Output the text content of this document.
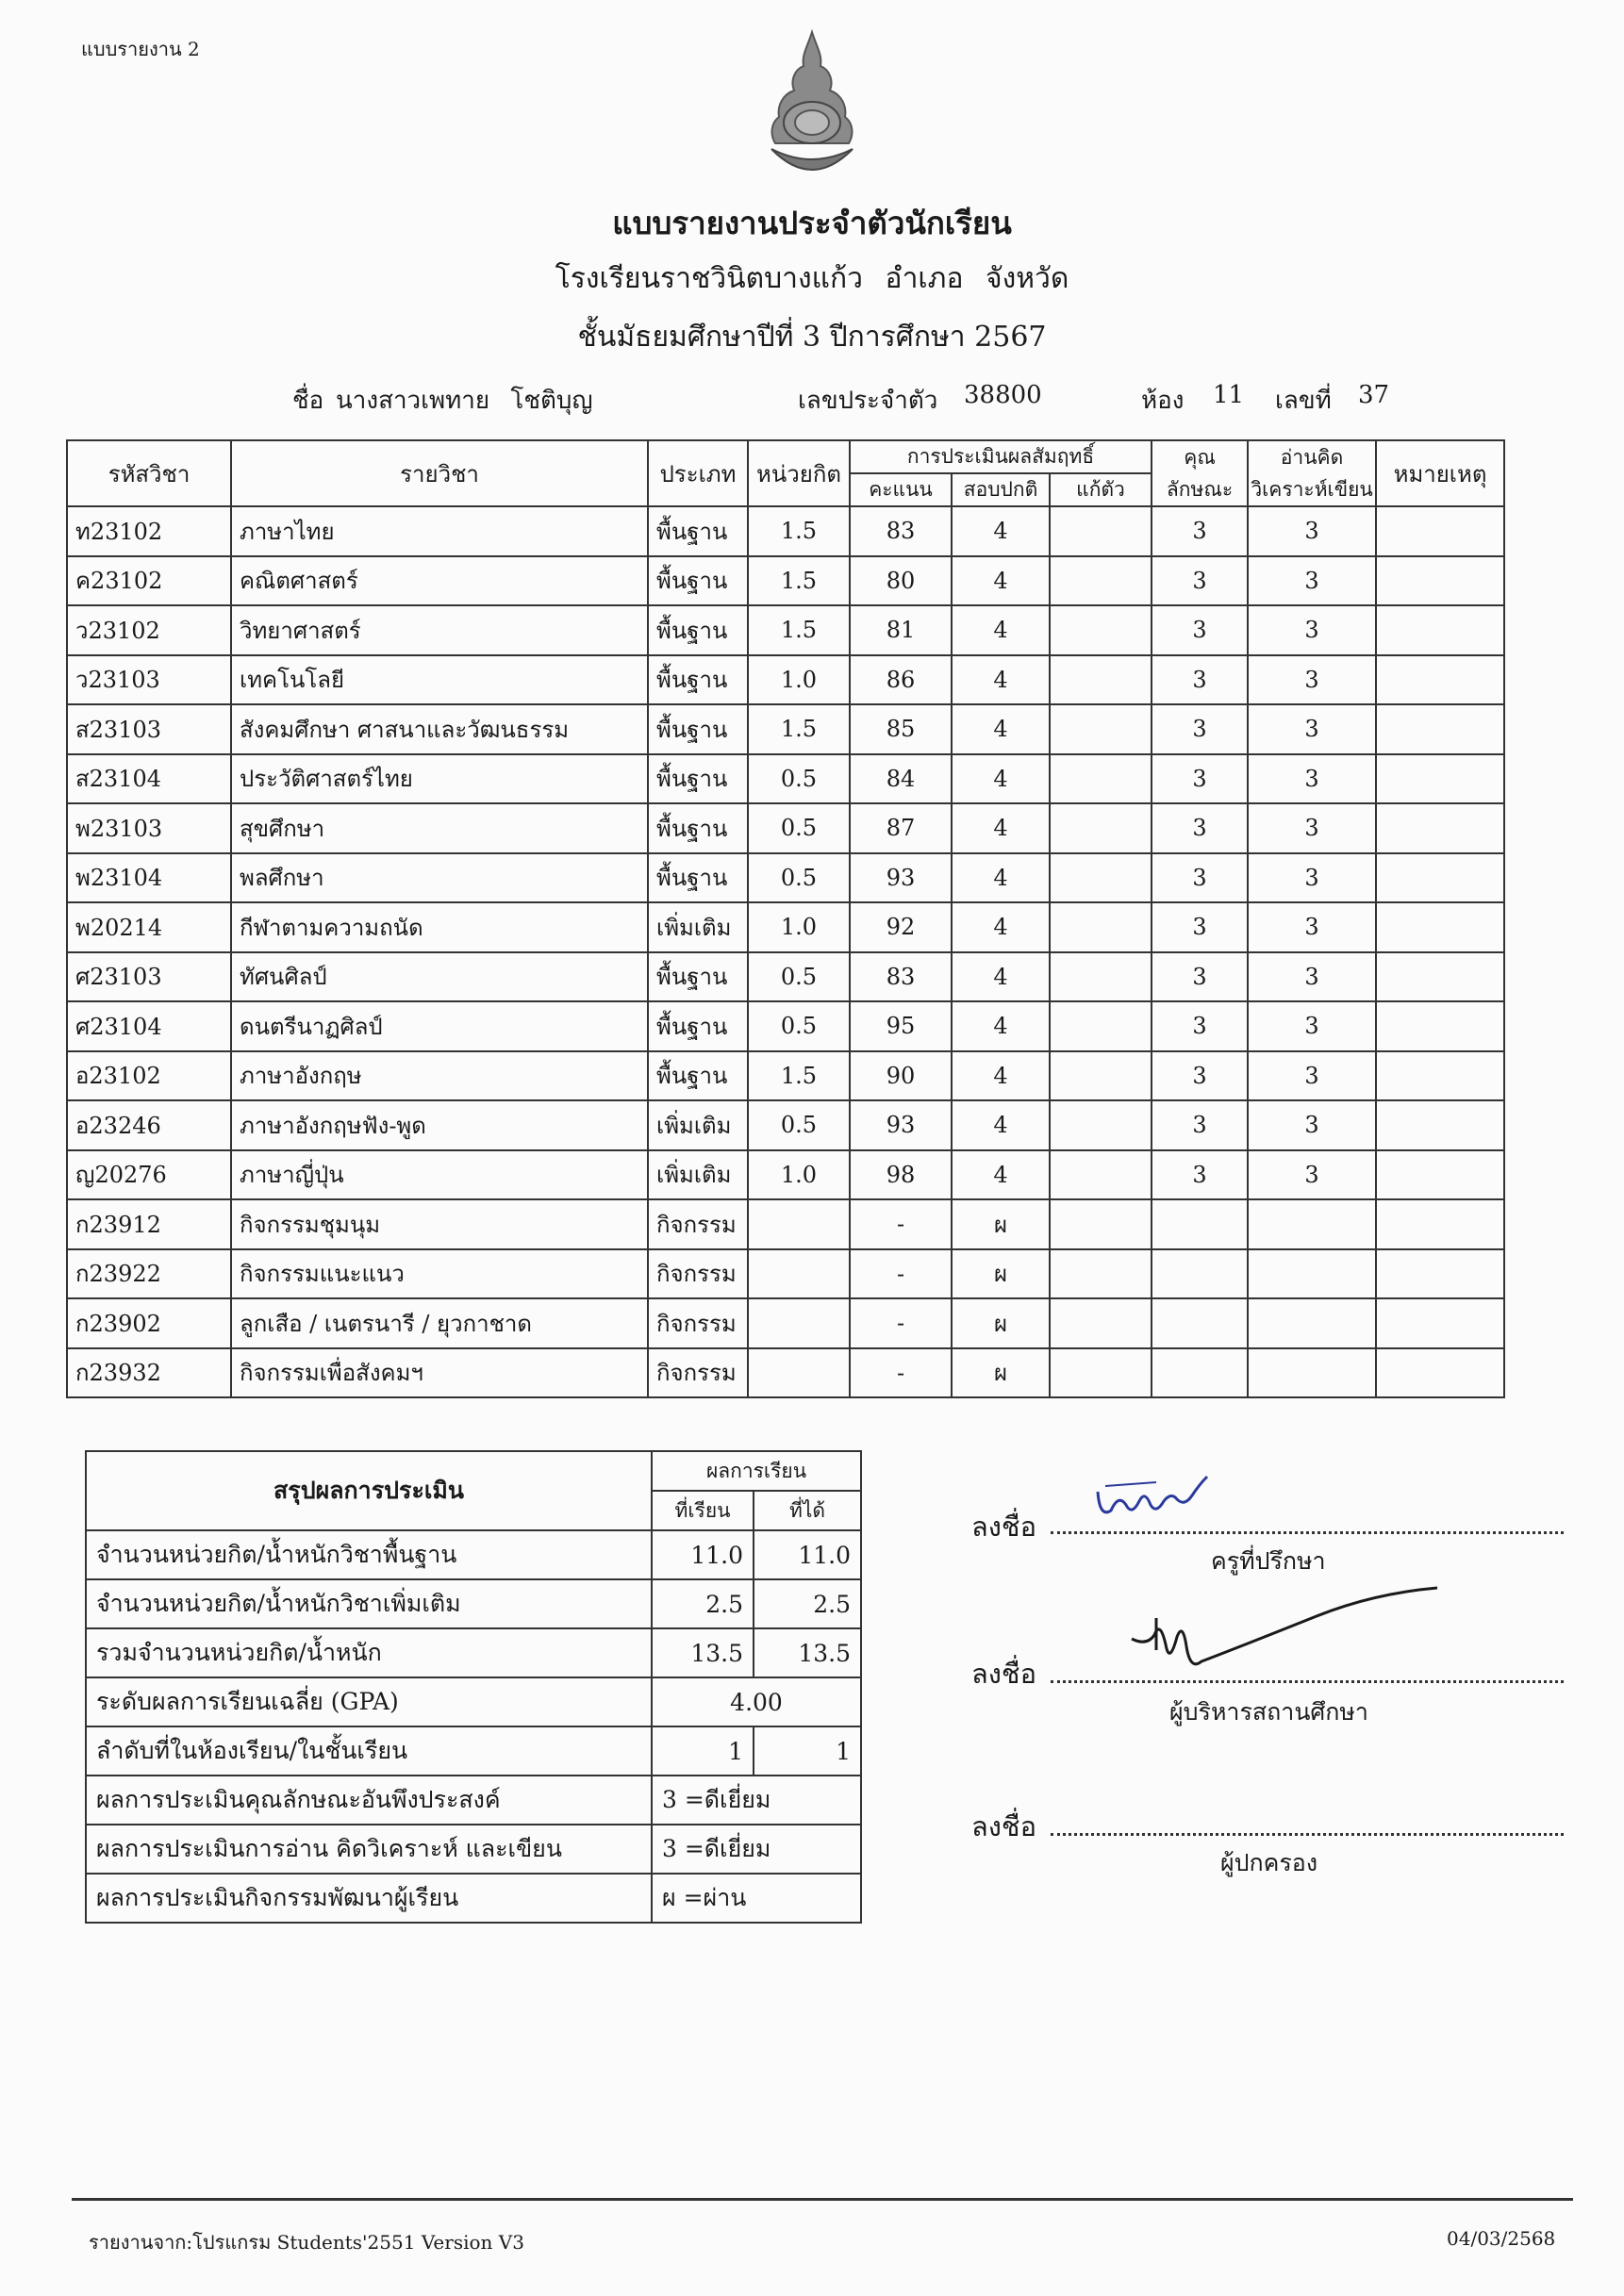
แบบรายงาน 2
แบบรายงานประจำตัวนักเรียน
โรงเรียนราชวินิตบางแก้ว อำเภอ จังหวัด
ชั้นมัธยมศึกษาปีที่ 3 ปีการศึกษา 2567
ชื่อ นางสาวเพทาย โชติบุญ	เลขประจำตัว 38800	ห้อง 11 เลขที่ 37
รหัสวิชา	รายวิชา	ประเภท	หน่วยกิต	การประเมินผลสัมฤทธิ์			คุณ	อ่านคิด	หมายเหตุ
				คะแนน	สอบปกติ	แก้ตัว	ลักษณะ	วิเคราะห์เขียน	
ท23102	ภาษาไทย	พื้นฐาน	1.5	83	4		3	3	
ค23102	คณิตศาสตร์	พื้นฐาน	1.5	80	4		3	3	
ว23102	วิทยาศาสตร์	พื้นฐาน	1.5	81	4		3	3	
ว23103	เทคโนโลยี	พื้นฐาน	1.0	86	4		3	3	
ส23103	สังคมศึกษา ศาสนาและวัฒนธรรม	พื้นฐาน	1.5	85	4		3	3	
ส23104	ประวัติศาสตร์ไทย	พื้นฐาน	0.5	84	4		3	3	
พ23103	สุขศึกษา	พื้นฐาน	0.5	87	4		3	3	
พ23104	พลศึกษา	พื้นฐาน	0.5	93	4		3	3	
พ20214	กีฬาตามความถนัด	เพิ่มเติม	1.0	92	4		3	3	
ศ23103	ทัศนศิลป์	พื้นฐาน	0.5	83	4		3	3	
ศ23104	ดนตรีนาฏศิลป์	พื้นฐาน	0.5	95	4		3	3	
อ23102	ภาษาอังกฤษ	พื้นฐาน	1.5	90	4		3	3	
อ23246	ภาษาอังกฤษฟัง-พูด	เพิ่มเติม	0.5	93	4		3	3	
ญ20276	ภาษาญี่ปุ่น	เพิ่มเติม	1.0	98	4		3	3	
ก23912	กิจกรรมชุมนุม	กิจกรรม		-	ผ				
ก23922	กิจกรรมแนะแนว	กิจกรรม		-	ผ				
ก23902	ลูกเสือ / เนตรนารี / ยุวกาชาด	กิจกรรม		-	ผ				
ก23932	กิจกรรมเพื่อสังคมฯ	กิจกรรม		-	ผ				
สรุปผลการประเมิน	ผลการเรียน	
	ที่เรียน	ที่ได้
จำนวนหน่วยกิต/น้ำหนักวิชาพื้นฐาน	11.0	11.0
จำนวนหน่วยกิต/น้ำหนักวิชาเพิ่มเติม	2.5	2.5
รวมจำนวนหน่วยกิต/น้ำหนัก	13.5	13.5
ระดับผลการเรียนเฉลี่ย (GPA)	4.00	
ลำดับที่ในห้องเรียน/ในชั้นเรียน	1	1
ผลการประเมินคุณลักษณะอันพึงประสงค์	3 =ดีเยี่ยม	
ผลการประเมินการอ่าน คิดวิเคราะห์ และเขียน	3 =ดีเยี่ยม	
ผลการประเมินกิจกรรมพัฒนาผู้เรียน	ผ =ผ่าน	
ลงชื่อ
ครูที่ปรึกษา
ลงชื่อ
ผู้บริหารสถานศึกษา
ลงชื่อ
ผู้ปกครอง
รายงานจาก:โปรแกรม Students'2551 Version V3	04/03/2568
